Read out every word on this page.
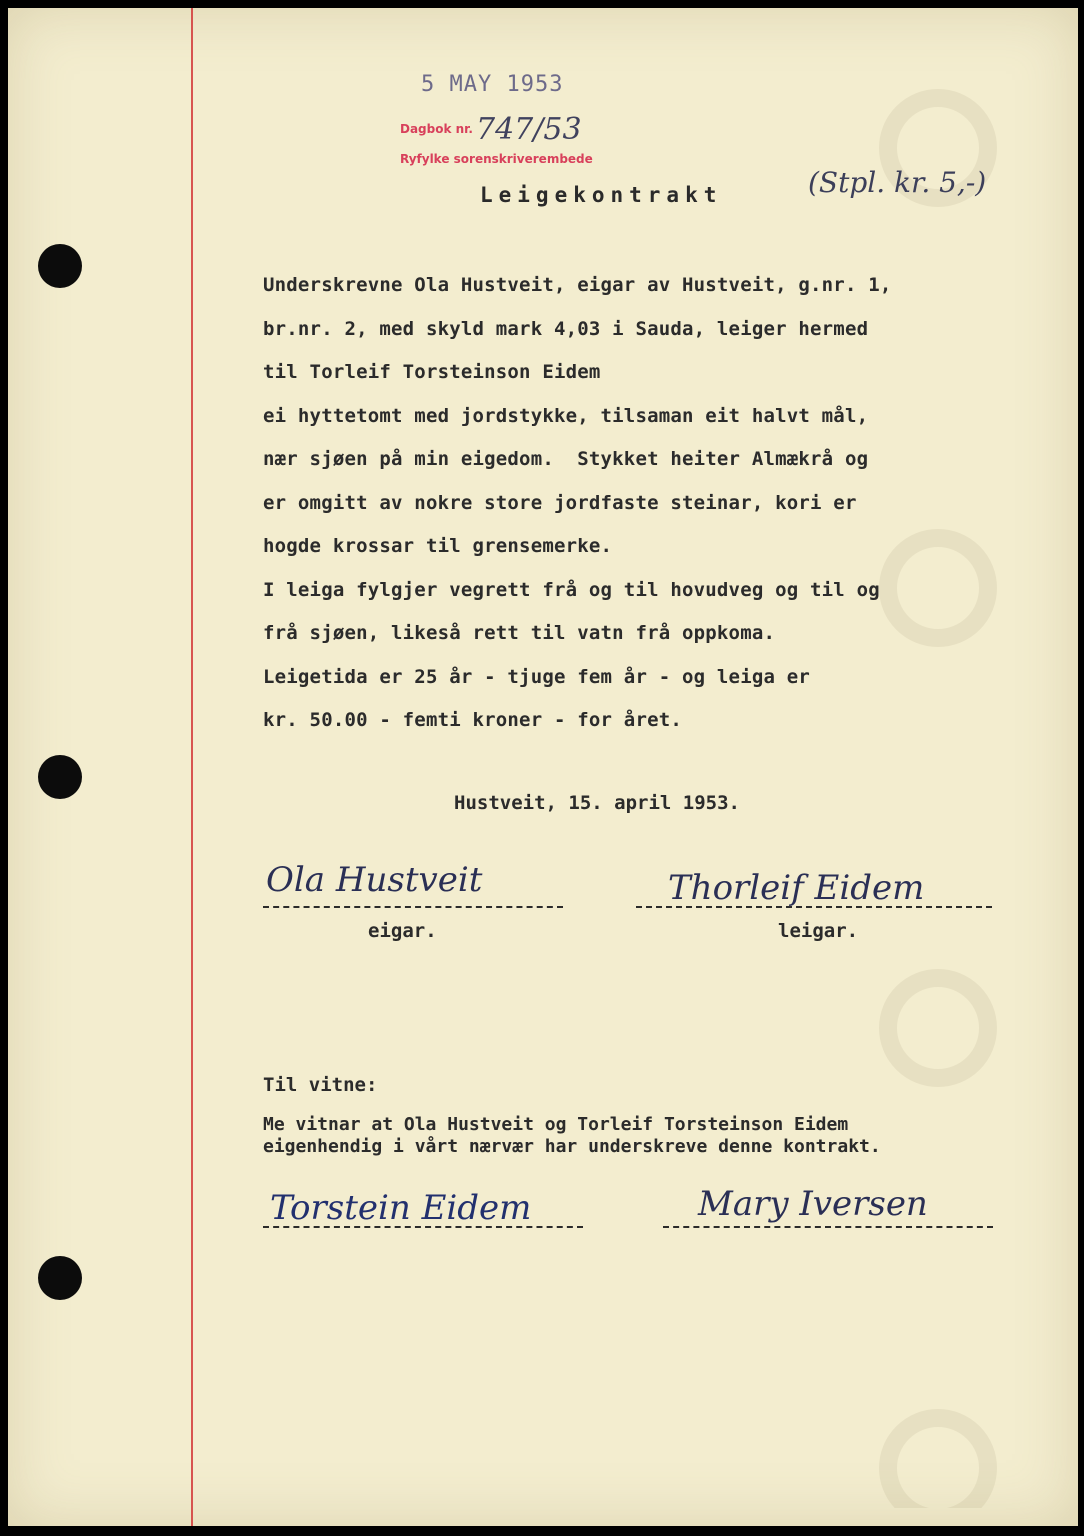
5 MAY 1953
Dagbok nr. 747/53
Ryfylke sorenskriverembede
Leigekontrakt	(Stpl. kr. 5,-)
Underskrevne Ola Hustveit, eigar av Hustveit, g.nr. 1,
br.nr. 2, med skyld mark 4,03 i Sauda, leiger hermed
til Torleif Torsteinson Eidem
ei hyttetomt med jordstykke, tilsaman eit halvt mål,
nær sjøen på min eigedom.  Stykket heiter Almækrå og
er omgitt av nokre store jordfaste steinar, kori er
hogde krossar til grensemerke.
I leiga fylgjer vegrett frå og til hovudveg og til og
frå sjøen, likeså rett til vatn frå oppkoma.
Leigetida er 25 år - tjuge fem år - og leiga er
kr. 50.00 - femti kroner - for året.
Hustveit, 15. april 1953.
Ola Hustveit
eigar.
Thorleif Eidem
leigar.
Til vitne:
Me vitnar at Ola Hustveit og Torleif Torsteinson Eidem
eigenhendig i vårt nærvær har underskreve denne kontrakt.
Torstein Eidem	Mary Iversen
